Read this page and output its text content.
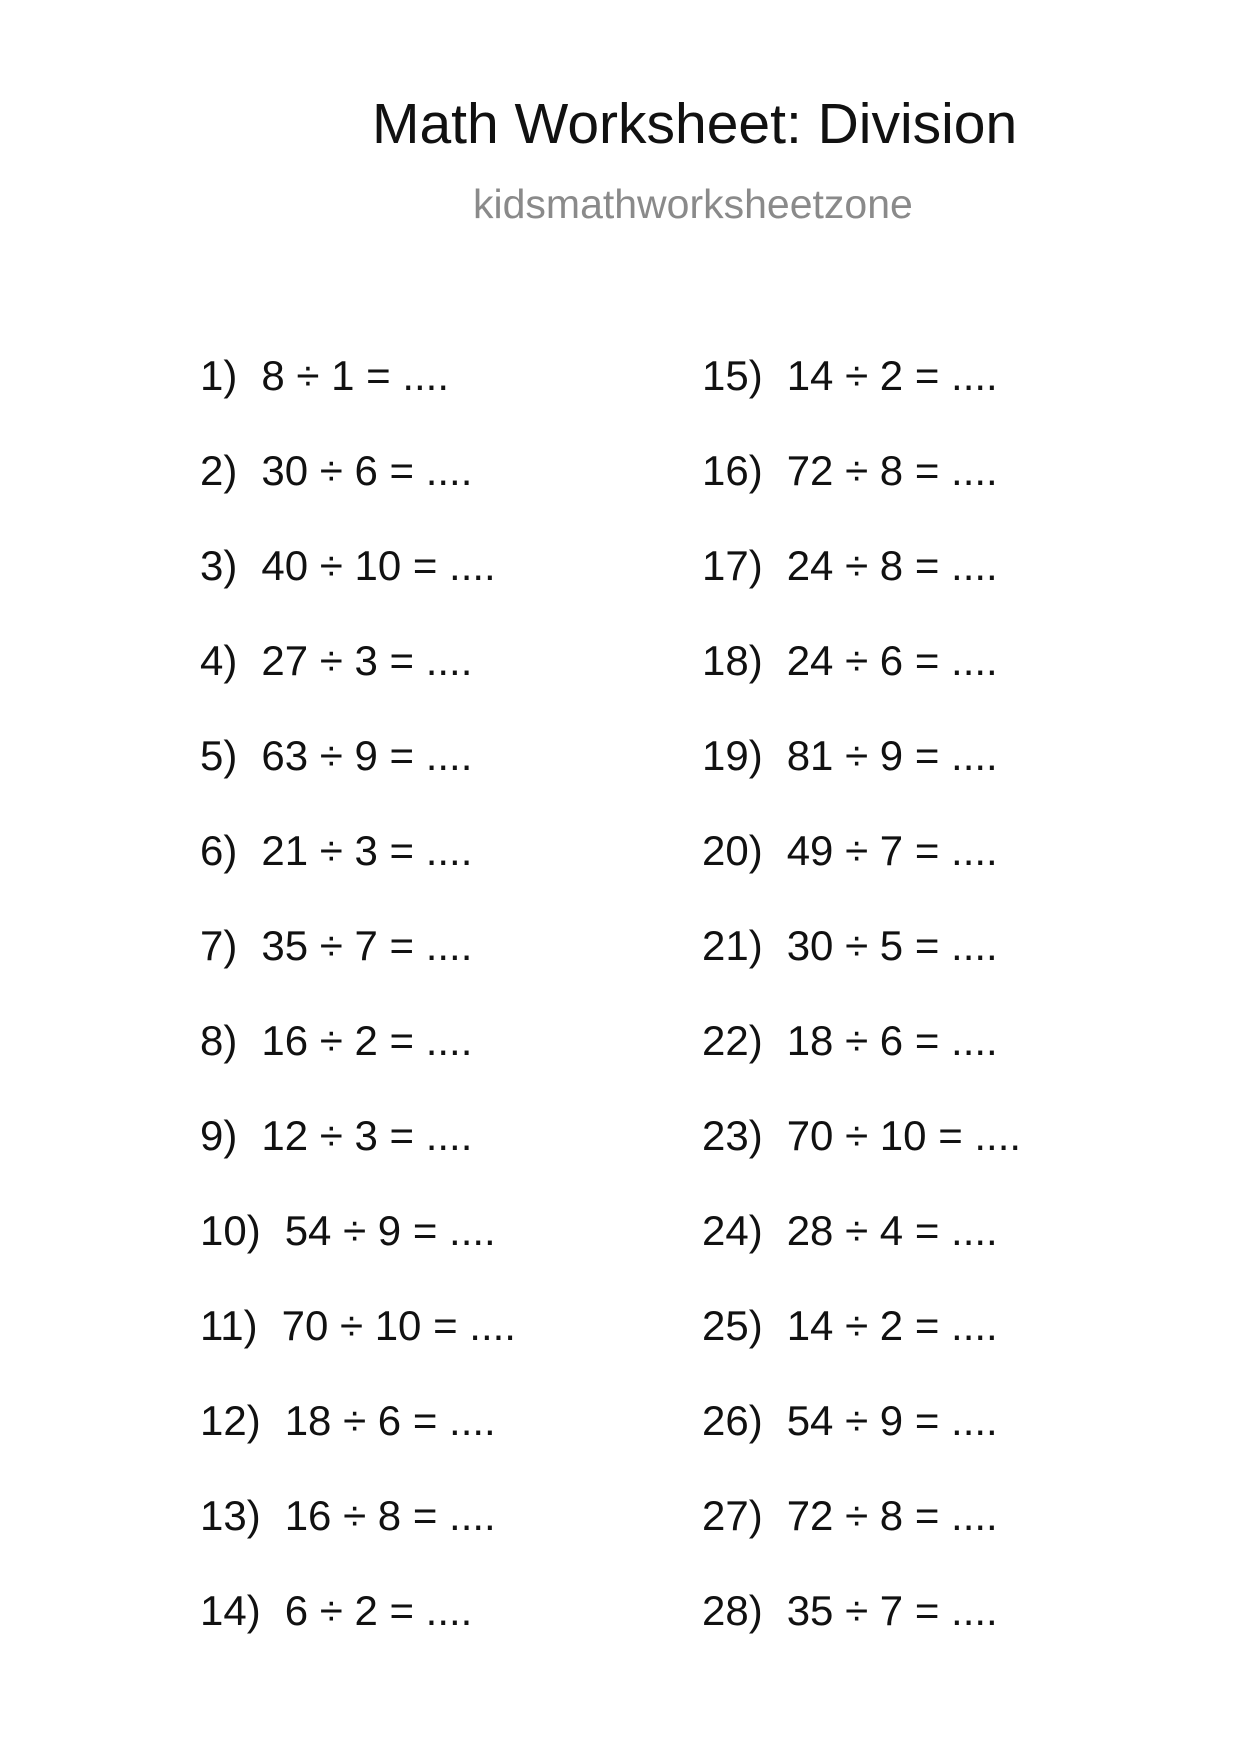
Math Worksheet: Division
kidsmathworksheetzone
1) 8 ÷ 1 = ....
2) 30 ÷ 6 = ....
3) 40 ÷ 10 = ....
4) 27 ÷ 3 = ....
5) 63 ÷ 9 = ....
6) 21 ÷ 3 = ....
7) 35 ÷ 7 = ....
8) 16 ÷ 2 = ....
9) 12 ÷ 3 = ....
10) 54 ÷ 9 = ....
11) 70 ÷ 10 = ....
12) 18 ÷ 6 = ....
13) 16 ÷ 8 = ....
14) 6 ÷ 2 = ....
15) 14 ÷ 2 = ....
16) 72 ÷ 8 = ....
17) 24 ÷ 8 = ....
18) 24 ÷ 6 = ....
19) 81 ÷ 9 = ....
20) 49 ÷ 7 = ....
21) 30 ÷ 5 = ....
22) 18 ÷ 6 = ....
23) 70 ÷ 10 = ....
24) 28 ÷ 4 = ....
25) 14 ÷ 2 = ....
26) 54 ÷ 9 = ....
27) 72 ÷ 8 = ....
28) 35 ÷ 7 = ....
